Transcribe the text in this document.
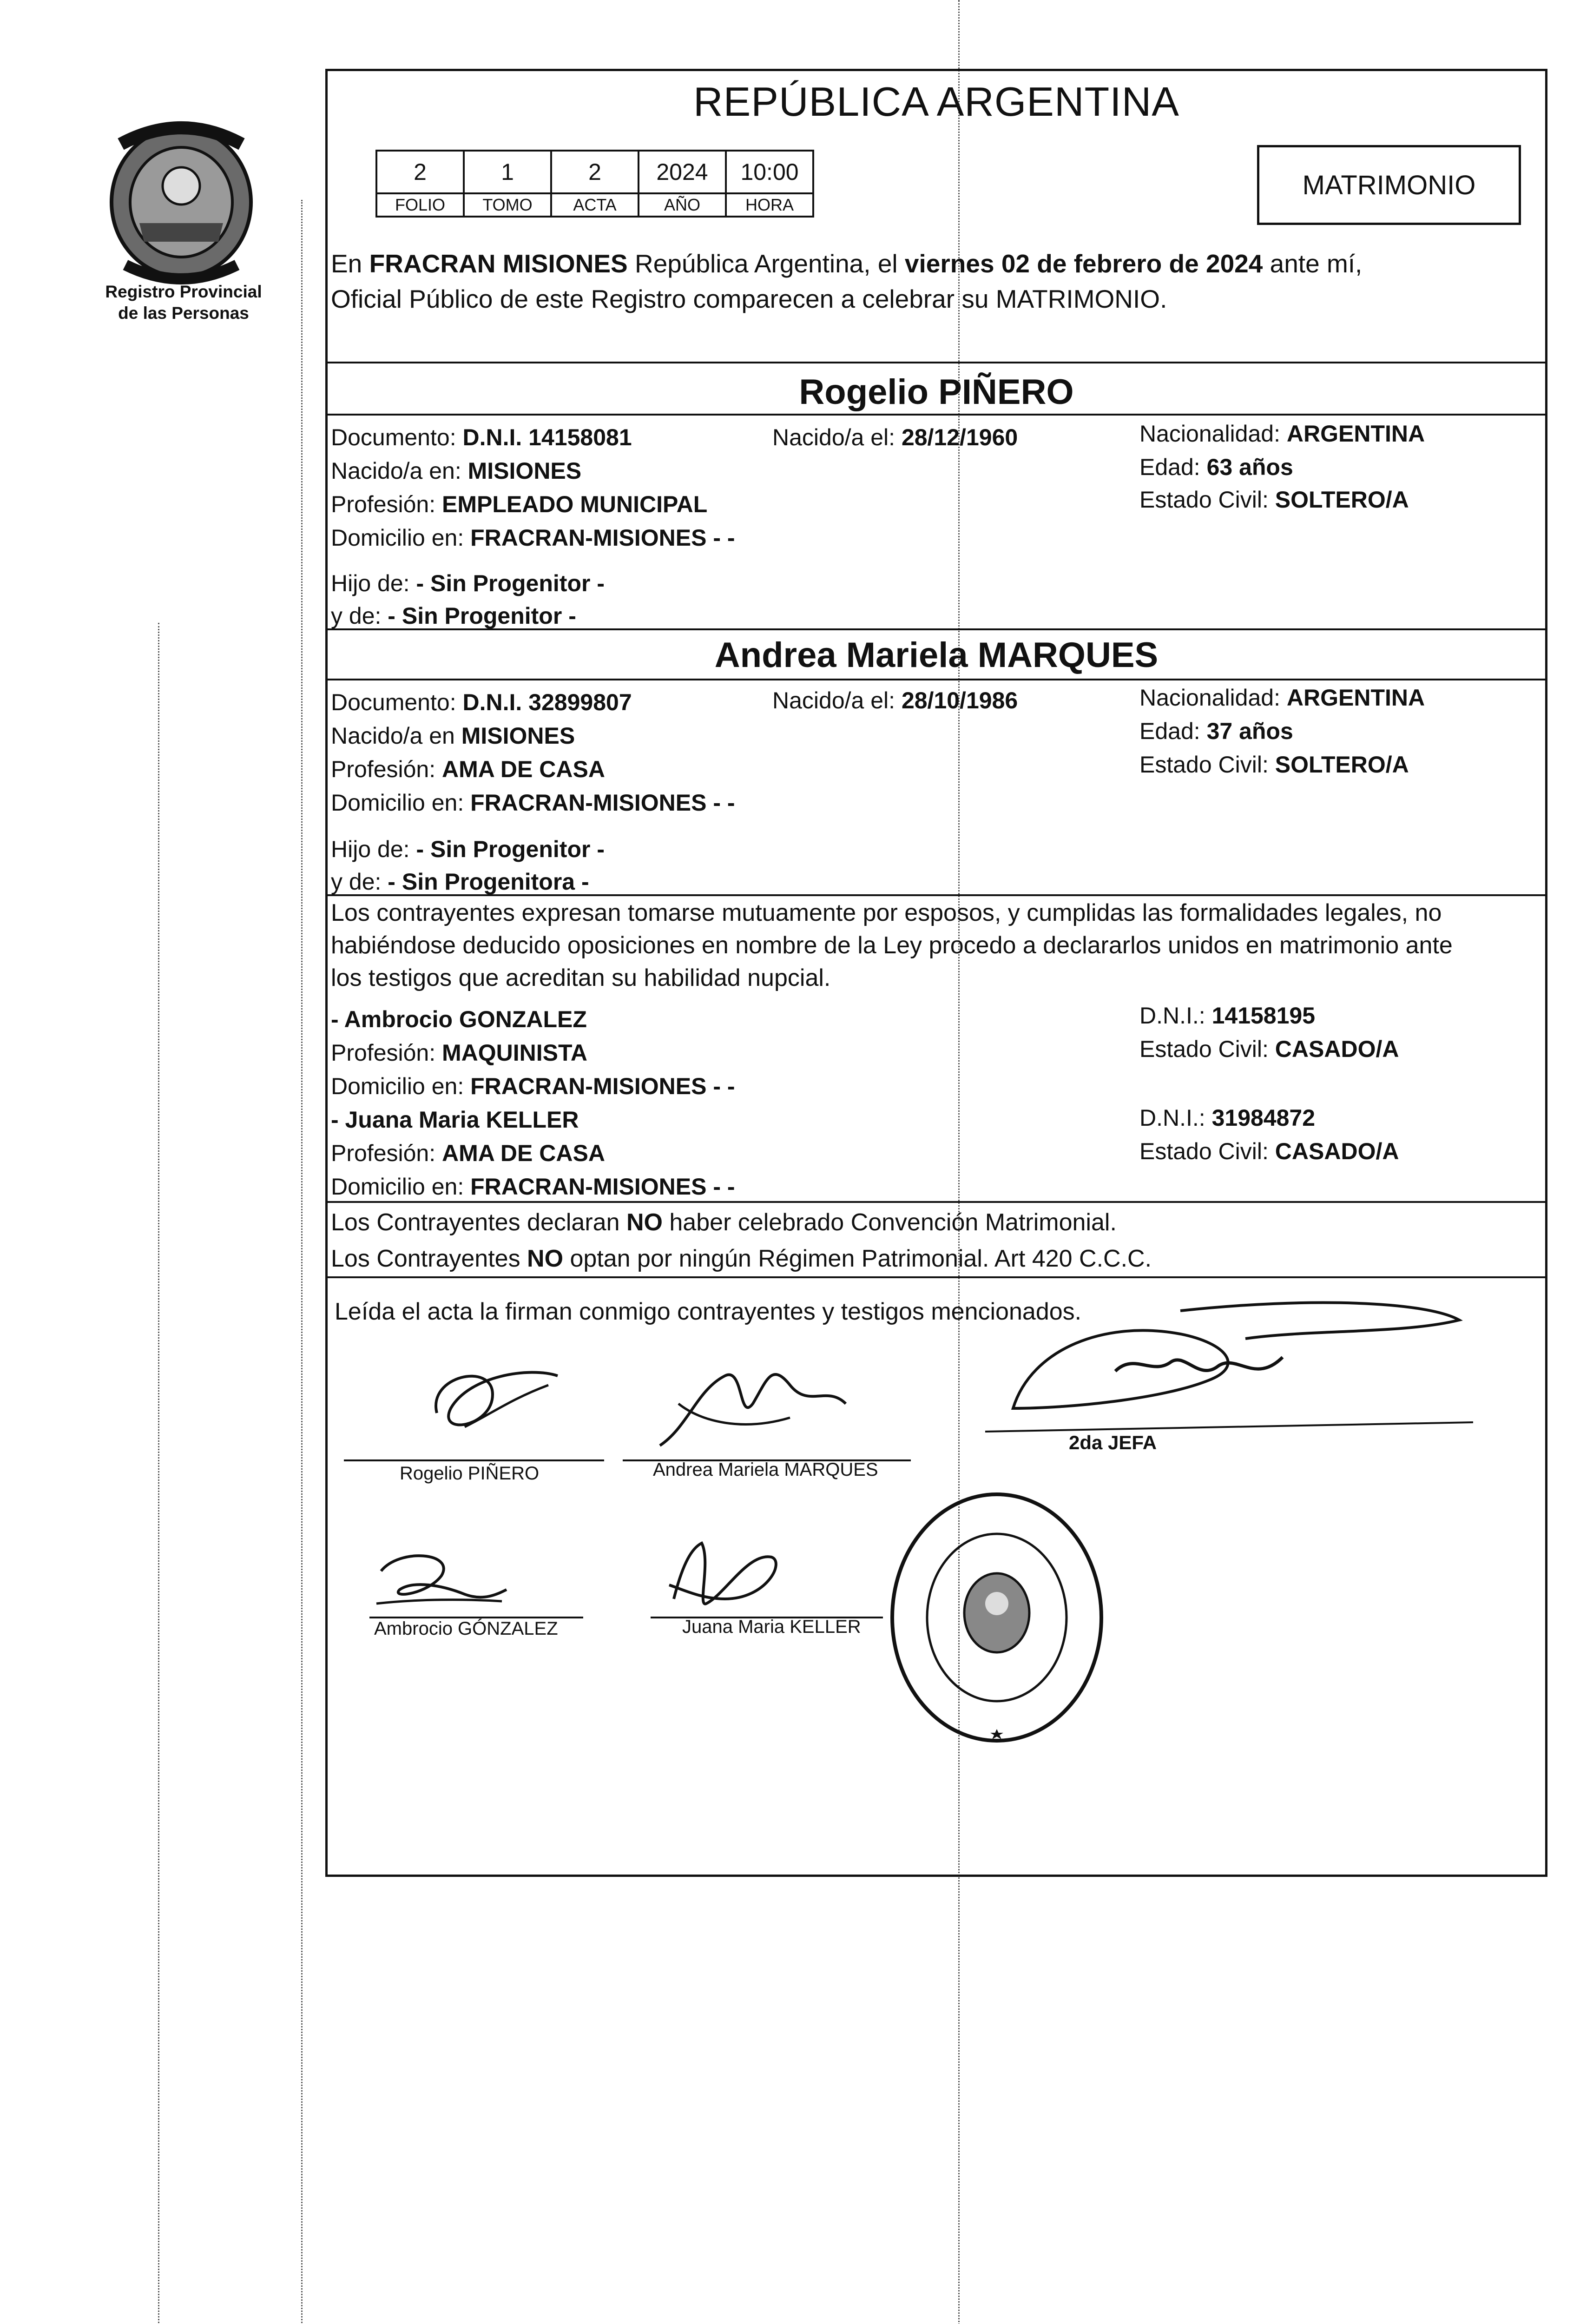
Registro Provincial
de las Personas
REPÚBLICA ARGENTINA
2	1	2	2024	10:00
FOLIO	TOMO	ACTA	AÑO	HORA
MATRIMONIO
En FRACRAN MISIONES República Argentina, el viernes 02 de febrero de 2024 ante mí,
Oficial Público de este Registro comparecen a celebrar su MATRIMONIO.
Rogelio PIÑERO
Documento: D.N.I. 14158081	Nacido/a el: 28/12/1960	Nacionalidad: ARGENTINA
Nacido/a en: MISIONES	Edad: 63 años
Profesión: EMPLEADO MUNICIPAL	Estado Civil: SOLTERO/A
Domicilio en: FRACRAN-MISIONES - -
Hijo de: - Sin Progenitor -
y de: - Sin Progenitor -
Andrea Mariela MARQUES
Documento: D.N.I. 32899807	Nacido/a el: 28/10/1986	Nacionalidad: ARGENTINA
Nacido/a en MISIONES	Edad: 37 años
Profesión: AMA DE CASA	Estado Civil: SOLTERO/A
Domicilio en: FRACRAN-MISIONES - -
Hijo de: - Sin Progenitor -
y de: - Sin Progenitora -
Los contrayentes expresan tomarse mutuamente por esposos, y cumplidas las formalidades legales, no
habiéndose deducido oposiciones en nombre de la Ley procedo a declararlos unidos en matrimonio ante
los testigos que acreditan su habilidad nupcial.
- Ambrocio GONZALEZ	D.N.I.: 14158195
Profesión: MAQUINISTA	Estado Civil: CASADO/A
Domicilio en: FRACRAN-MISIONES - -
- Juana Maria KELLER	D.N.I.: 31984872
Profesión: AMA DE CASA	Estado Civil: CASADO/A
Domicilio en: FRACRAN-MISIONES - -
Los Contrayentes declaran NO haber celebrado Convención Matrimonial.
Los Contrayentes NO optan por ningún Régimen Patrimonial. Art 420 C.C.C.
Leída el acta la firman conmigo contrayentes y testigos mencionados.
2da JEFA
Rogelio PIÑERO	Andrea Mariela MARQUES
Ambrocio GÓNZALEZ	Juana Maria KELLER
